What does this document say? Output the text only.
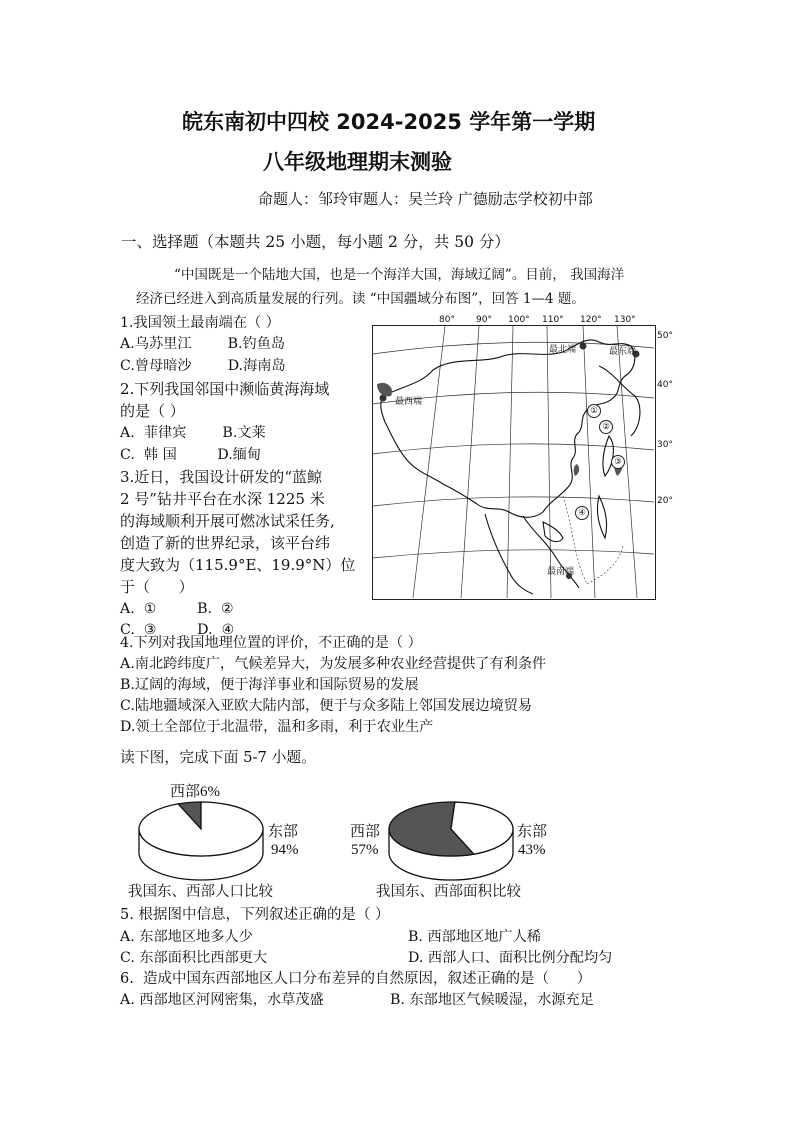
皖东南初中四校 2024-2025 学年第一学期
八年级地理期末测验
命题人：邹玲审题人：吴兰玲 广德励志学校初中部
一、选择题（本题共 25 小题，每小题 2 分，共 50 分）
“中国既是一个陆地大国，也是一个海洋大国，海域辽阔”。目前， 我国海洋
经济已经进入到高质量发展的行列。读 “中国疆域分布图”，回答 1—4 题。
1.我国领土最南端在（ ）
A.乌苏里江        B.钓鱼岛
C.曾母暗沙        D.海南岛
2.下列我国邻国中濒临黄海海域
的是（ ）
A.  菲律宾        B.文莱
C.  韩 国         D.缅甸
3.近日，我国设计研发的“蓝鲸
2 号”钻井平台在水深 1225 米
的海域顺利开展可燃冰试采任务,
创造了新的世界纪录，该平台纬
度大致为（115.9°E、19.9°N）位
于（      ）
A.  ①         B.  ②
C.  ③         D.  ④
80° 90° 100° 110° 120° 130°
50°
40°
30°
20°
最北端	最东端
最西端
最南端
①
②
③
④
4.下列对我国地理位置的评价，不正确的是（ ）
A.南北跨纬度广，气候差异大，为发展多种农业经营提供了有利条件
B.辽阔的海域，便于海洋事业和国际贸易的发展
C.陆地疆域深入亚欧大陆内部，便于与众多陆上邻国发展边境贸易
D.领土全部位于北温带，温和多雨，利于农业生产
读下图，完成下面 5-7 小题。
西部6%
东部
94%
西部
57%
东部
43%
我国东、西部人口比较	我国东、西部面积比较
5. 根据图中信息，下列叙述正确的是（ ）
A. 东部地区地多人少	B. 西部地区地广人稀
C. 东部面积比西部更大	D. 西部人口、面积比例分配均匀
6.  造成中国东西部地区人口分布差异的自然原因，叙述正确的是（      ）
A. 西部地区河网密集，水草茂盛	B. 东部地区气候暖湿，水源充足
